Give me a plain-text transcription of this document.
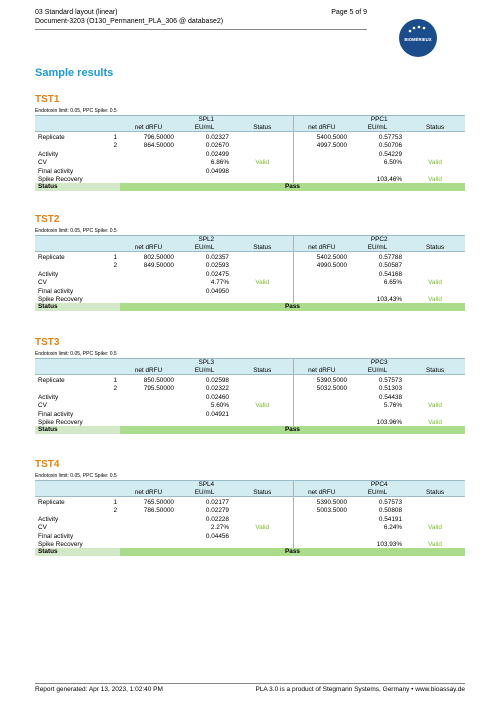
03 Standard layout (linear)	Page 5 of 9
Document-3203 (O130_Permanent_PLA_306 @ database2)
BIOMÉRIEUX
Sample results
TST1
Endotoxin limit: 0.05, PPC Spike: 0.5
		SPL1			PPC1		
		net dRFU	EU/mL	Status	net dRFU	EU/mL	Status
Replicate	1	796.50000	0.02327		5400.5000	0.57753	
	2	864.50000	0.02670		4997.5000	0.50706	
Activity			0.02499			0.54229	
CV			6.86%	Valid		6.50%	Valid
Final activity			0.04998				
Spike Recovery						103.46%	Valid
Status		Pass					
TST2
Endotoxin limit: 0.05, PPC Spike: 0.5
		SPL2			PPC2		
		net dRFU	EU/mL	Status	net dRFU	EU/mL	Status
Replicate	1	802.50000	0.02357		5402.5000	0.57788	
	2	849.50000	0.02593		4990.5000	0.50587	
Activity			0.02475			0.54168	
CV			4.77%	Valid		6.65%	Valid
Final activity			0.04950				
Spike Recovery						103.43%	Valid
Status		Pass					
TST3
Endotoxin limit: 0.05, PPC Spike: 0.5
		SPL3			PPC3		
		net dRFU	EU/mL	Status	net dRFU	EU/mL	Status
Replicate	1	850.50000	0.02598		5390.5000	0.57573	
	2	795.50000	0.02322		5032.5000	0.51303	
Activity			0.02460			0.54438	
CV			5.60%	Valid		5.76%	Valid
Final activity			0.04921				
Spike Recovery						103.96%	Valid
Status		Pass					
TST4
Endotoxin limit: 0.05, PPC Spike: 0.5
		SPL4			PPC4		
		net dRFU	EU/mL	Status	net dRFU	EU/mL	Status
Replicate	1	765.50000	0.02177		5390.5000	0.57573	
	2	786.50000	0.02279		5003.5000	0.50808	
Activity			0.02228			0.54191	
CV			2.27%	Valid		6.24%	Valid
Final activity			0.04456				
Spike Recovery						103.93%	Valid
Status		Pass					
Report generated: Apr 13, 2023, 1:02:40 PM	PLA 3.0 is a product of Stegmann Systems, Germany • www.bioassay.de
